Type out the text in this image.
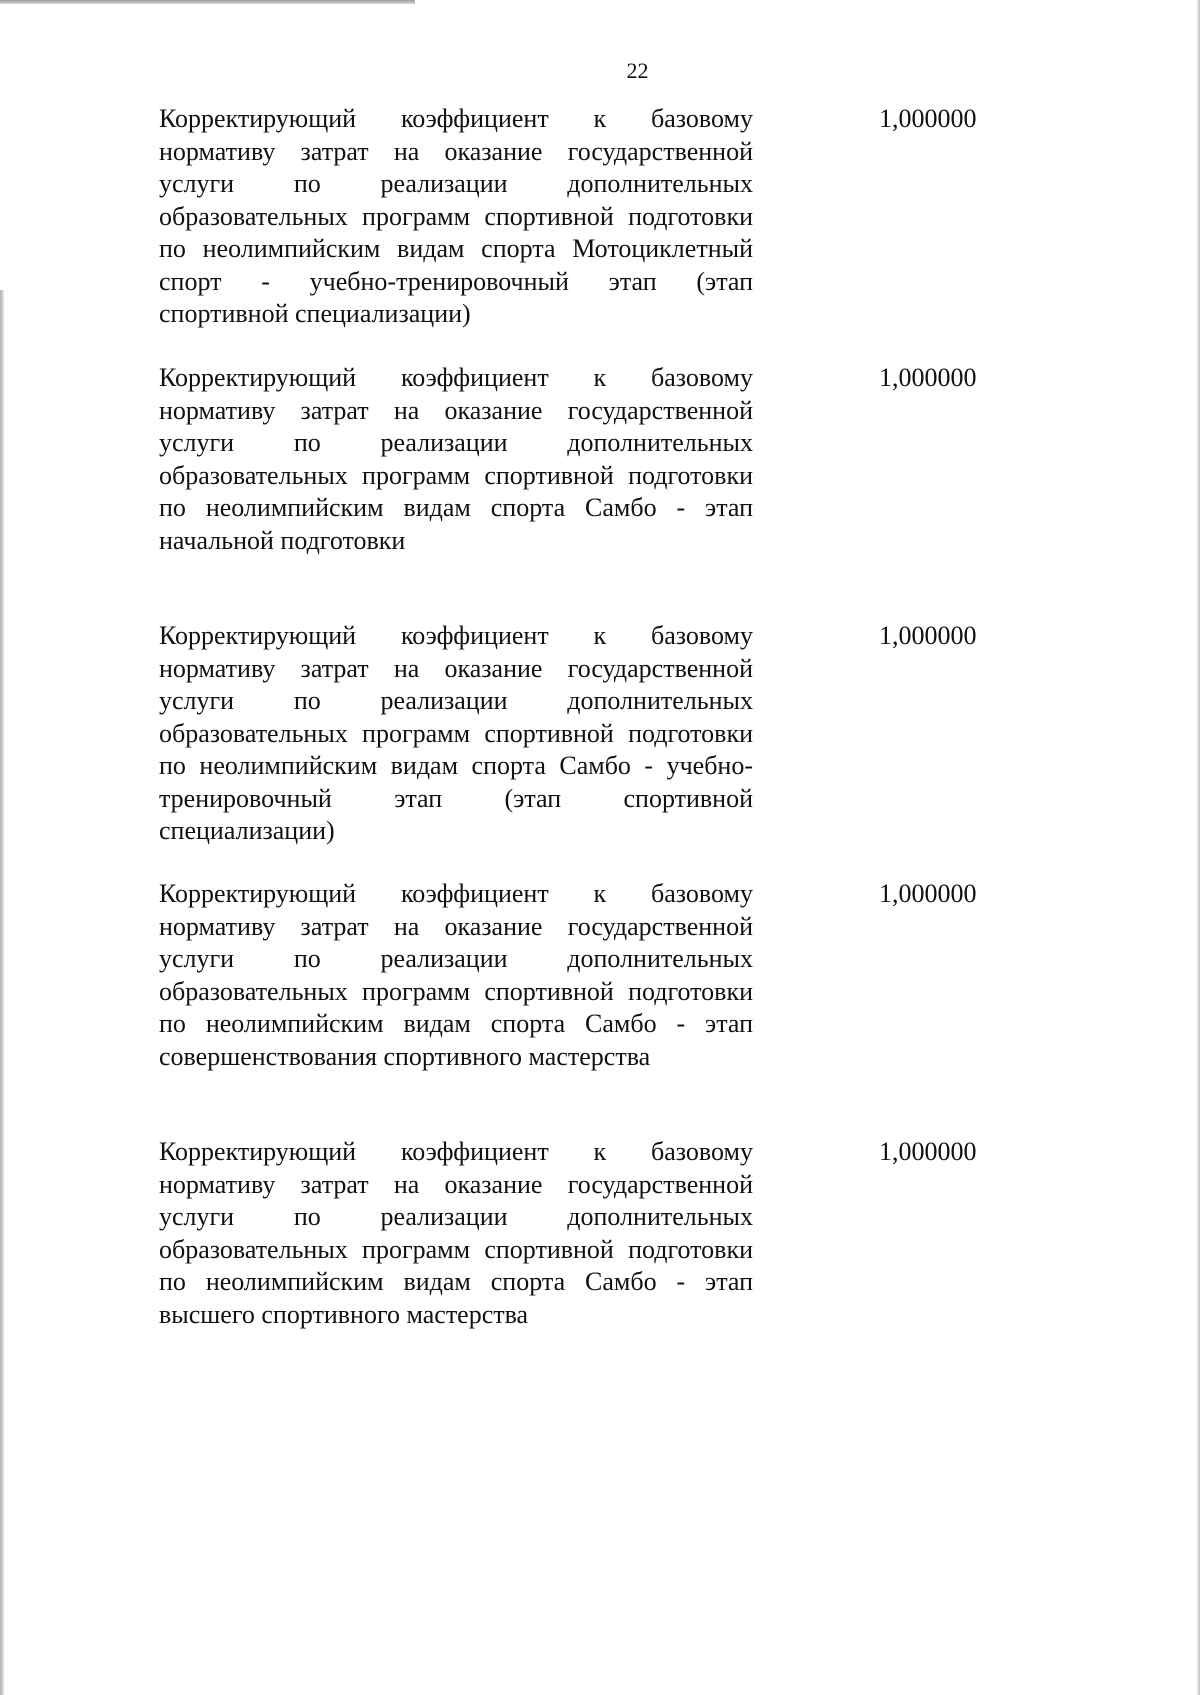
22

Корректирующий коэффициент к базовому нормативу затрат на оказание государственной услуги по реализации дополнительных образовательных программ спортивной подготовки по неолимпийским видам спорта Мотоциклетный спорт - учебно-тренировочный этап (этап спортивной специализации)

1,000000

Корректирующий коэффициент к базовому нормативу затрат на оказание государственной услуги по реализации дополнительных образовательных программ спортивной подготовки по неолимпийским видам спорта Самбо - этап начальной подготовки

1,000000

Корректирующий коэффициент к базовому нормативу затрат на оказание государственной услуги по реализации дополнительных образовательных программ спортивной подготовки по неолимпийским видам спорта Самбо - учебно-тренировочный этап (этап спортивной специализации)

1,000000

Корректирующий коэффициент к базовому нормативу затрат на оказание государственной услуги по реализации дополнительных образовательных программ спортивной подготовки по неолимпийским видам спорта Самбо - этап совершенствования спортивного мастерства

1,000000

Корректирующий коэффициент к базовому нормативу затрат на оказание государственной услуги по реализации дополнительных образовательных программ спортивной подготовки по неолимпийским видам спорта Самбо - этап высшего спортивного мастерства

1,000000
